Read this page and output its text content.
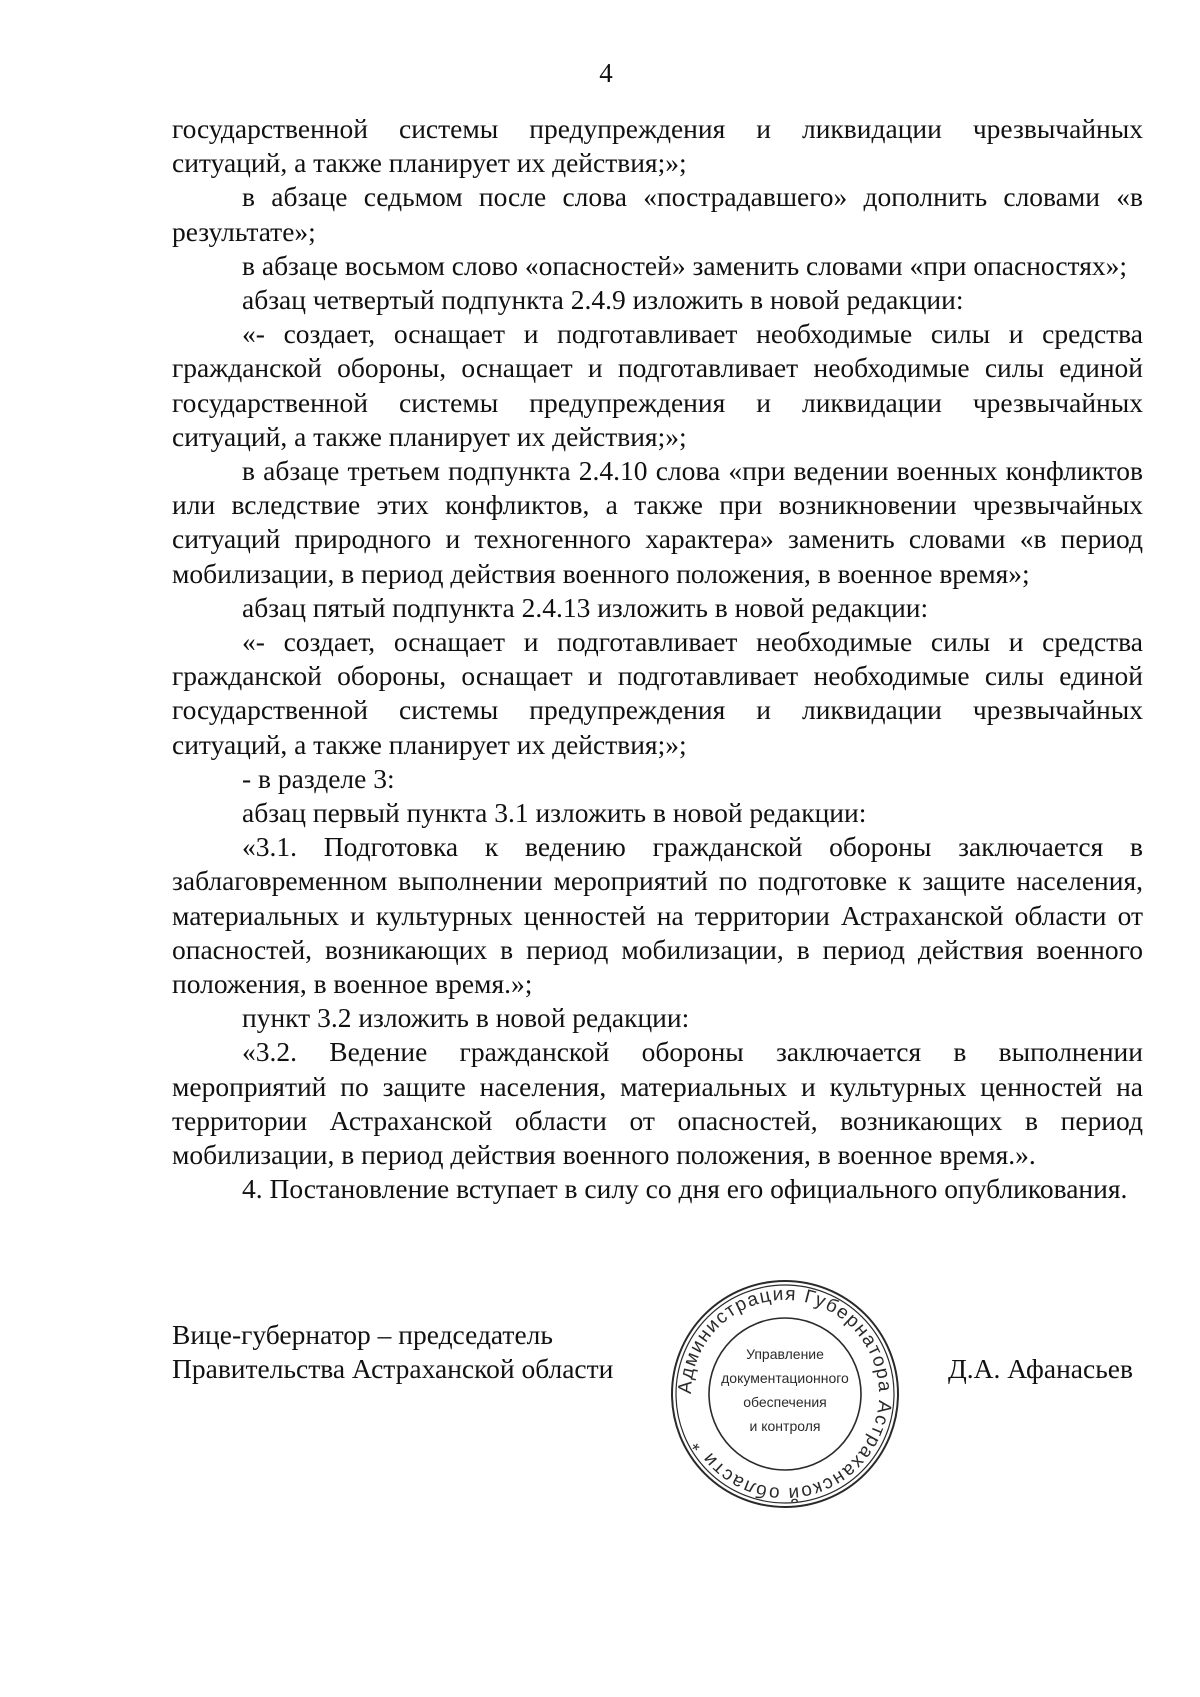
4

государственной системы предупреждения и ликвидации чрезвычайных ситуаций, а также планирует их действия;»;

в абзаце седьмом после слова «пострадавшего» дополнить словами «в результате»;

в абзаце восьмом слово «опасностей» заменить словами «при опасностях»;

абзац четвертый подпункта 2.4.9 изложить в новой редакции:

«- создает, оснащает и подготавливает необходимые силы и средства гражданской обороны, оснащает и подготавливает необходимые силы единой государственной системы предупреждения и ликвидации чрезвычайных ситуаций, а также планирует их действия;»;

в абзаце третьем подпункта 2.4.10 слова «при ведении военных конфликтов или вследствие этих конфликтов, а также при возникновении чрезвычайных ситуаций природного и техногенного характера» заменить словами «в период мобилизации, в период действия военного положения, в военное время»;

абзац пятый подпункта 2.4.13 изложить в новой редакции:

«- создает, оснащает и подготавливает необходимые силы и средства гражданской обороны, оснащает и подготавливает необходимые силы единой государственной системы предупреждения и ликвидации чрезвычайных ситуаций, а также планирует их действия;»;

- в разделе 3:

абзац первый пункта 3.1 изложить в новой редакции:

«3.1. Подготовка к ведению гражданской обороны заключается в заблаговременном выполнении мероприятий по подготовке к защите населения, материальных и культурных ценностей на территории Астраханской области от опасностей, возникающих в период мобилизации, в период действия военного положения, в военное время.»;

пункт 3.2 изложить в новой редакции:

«3.2. Ведение гражданской обороны заключается в выполнении мероприятий по защите населения, материальных и культурных ценностей на территории Астраханской области от опасностей, возникающих в период мобилизации, в период действия военного положения, в военное время.».

4. Постановление вступает в силу со дня его официального опубликования.

Вице-губернатор – председатель
Правительства Астраханской области
Администрация Губернатора Астраханской области *
Управление
документационного
обеспечения
и контроля
Д.А. Афанасьев
